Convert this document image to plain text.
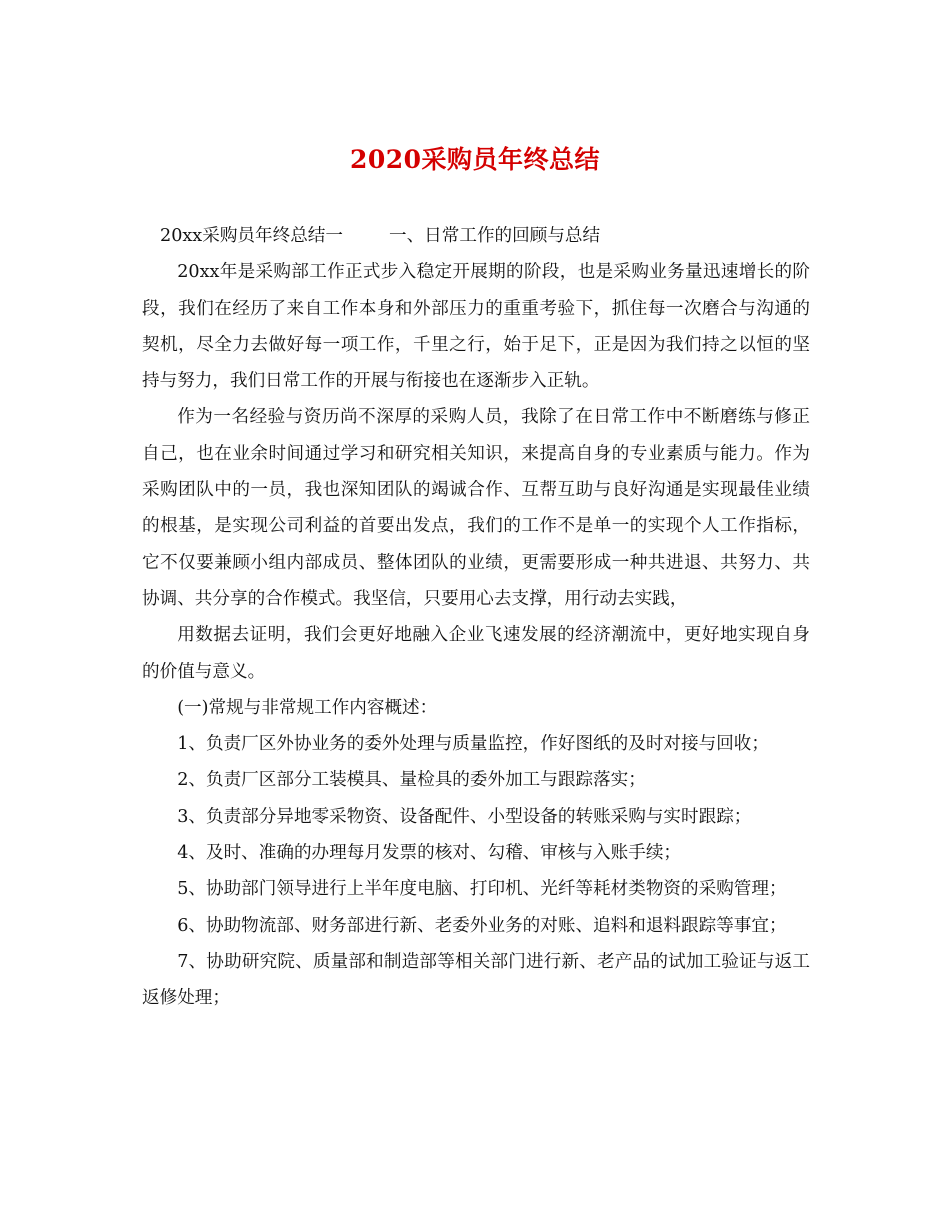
2020采购员年终总结

20xx采购员年终总结一	一、日常工作的回顾与总结

20xx年是采购部工作正式步入稳定开展期的阶段，也是采购业务量迅速增长的阶段，我们在经历了来自工作本身和外部压力的重重考验下，抓住每一次磨合与沟通的契机，尽全力去做好每一项工作，千里之行，始于足下，正是因为我们持之以恒的坚持与努力，我们日常工作的开展与衔接也在逐渐步入正轨。

作为一名经验与资历尚不深厚的采购人员，我除了在日常工作中不断磨练与修正自己，也在业余时间通过学习和研究相关知识，来提高自身的专业素质与能力。作为采购团队中的一员，我也深知团队的竭诚合作、互帮互助与良好沟通是实现最佳业绩的根基，是实现公司利益的首要出发点，我们的工作不是单一的实现个人工作指标，它不仅要兼顾小组内部成员、整体团队的业绩，更需要形成一种共进退、共努力、共协调、共分享的合作模式。我坚信，只要用心去支撑，用行动去实践，

用数据去证明，我们会更好地融入企业飞速发展的经济潮流中，更好地实现自身的价值与意义。

(一)常规与非常规工作内容概述：

1、负责厂区外协业务的委外处理与质量监控，作好图纸的及时对接与回收；

2、负责厂区部分工装模具、量检具的委外加工与跟踪落实；

3、负责部分异地零采物资、设备配件、小型设备的转账采购与实时跟踪；

4、及时、准确的办理每月发票的核对、勾稽、审核与入账手续；

5、协助部门领导进行上半年度电脑、打印机、光纤等耗材类物资的采购管理；

6、协助物流部、财务部进行新、老委外业务的对账、追料和退料跟踪等事宜；

7、协助研究院、质量部和制造部等相关部门进行新、老产品的试加工验证与返工返修处理；
